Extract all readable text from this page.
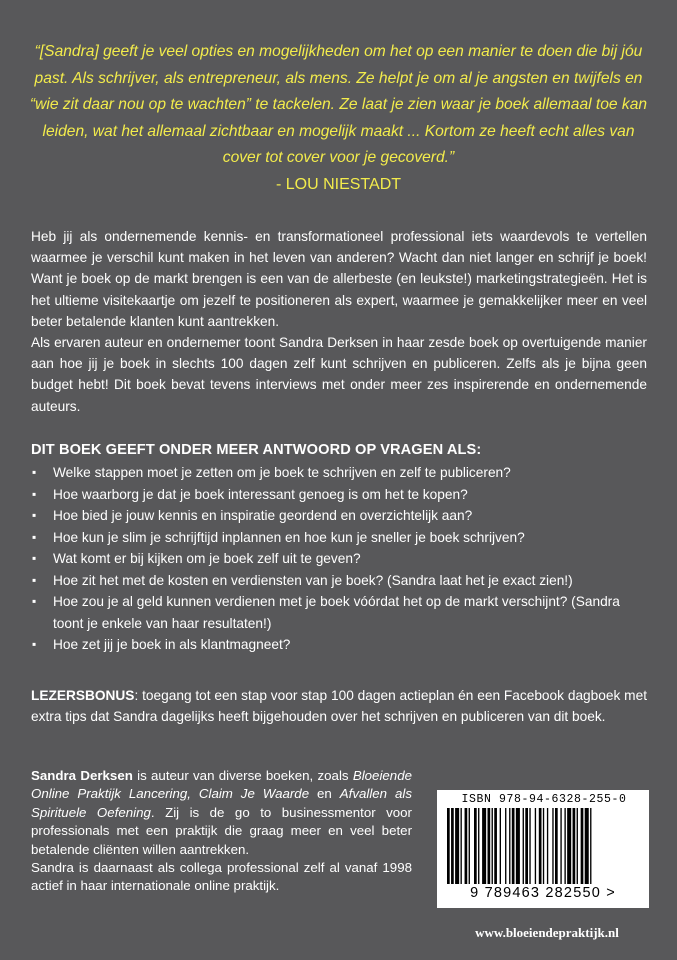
“[Sandra] geeft je veel opties en mogelijkheden om het op een manier te doen die bij jóu past. Als schrijver, als entrepreneur, als mens. Ze helpt je om al je angsten en twijfels en “wie zit daar nou op te wachten” te tackelen. Ze laat je zien waar je boek allemaal toe kan leiden, wat het allemaal zichtbaar en mogelijk maakt ... Kortom ze heeft echt alles van cover tot cover voor je gecoverd.”
- LOU NIESTADT

Heb jij als ondernemende kennis- en transformationeel professional iets waardevols te vertellen waarmee je verschil kunt maken in het leven van anderen? Wacht dan niet langer en schrijf je boek! Want je boek op de markt brengen is een van de allerbeste (en leukste!) marketingstrategieën. Het is het ultieme visitekaartje om jezelf te positioneren als expert, waarmee je gemakkelijker meer en veel beter betalende klanten kunt aantrekken.

Als ervaren auteur en ondernemer toont Sandra Derksen in haar zesde boek op overtuigende manier aan hoe jij je boek in slechts 100 dagen zelf kunt schrijven en publiceren. Zelfs als je bijna geen budget hebt! Dit boek bevat tevens interviews met onder meer zes inspirerende en ondernemende auteurs.

DIT BOEK GEEFT ONDER MEER ANTWOORD OP VRAGEN ALS:
▪ Welke stappen moet je zetten om je boek te schrijven en zelf te publiceren?
▪ Hoe waarborg je dat je boek interessant genoeg is om het te kopen?
▪ Hoe bied je jouw kennis en inspiratie geordend en overzichtelijk aan?
▪ Hoe kun je slim je schrijftijd inplannen en hoe kun je sneller je boek schrijven?
▪ Wat komt er bij kijken om je boek zelf uit te geven?
▪ Hoe zit het met de kosten en verdiensten van je boek? (Sandra laat het je exact zien!)
▪ Hoe zou je al geld kunnen verdienen met je boek vóórdat het op de markt verschijnt? (Sandra toont je enkele van haar resultaten!)
▪ Hoe zet jij je boek in als klantmagneet?

LEZERSBONUS: toegang tot een stap voor stap 100 dagen actieplan én een Facebook dagboek met extra tips dat Sandra dagelijks heeft bijgehouden over het schrijven en publiceren van dit boek.

Sandra Derksen is auteur van diverse boeken, zoals Bloeiende Online Praktijk Lancering, Claim Je Waarde en Afvallen als Spirituele Oefening. Zij is de go to businessmentor voor professionals met een praktijk die graag meer en veel beter betalende cliënten willen aantrekken.

Sandra is daarnaast als collega professional zelf al vanaf 1998 actief in haar internationale online praktijk.

ISBN 978-94-6328-255-0
9 789463 282550 >
www.bloeiendepraktijk.nl
